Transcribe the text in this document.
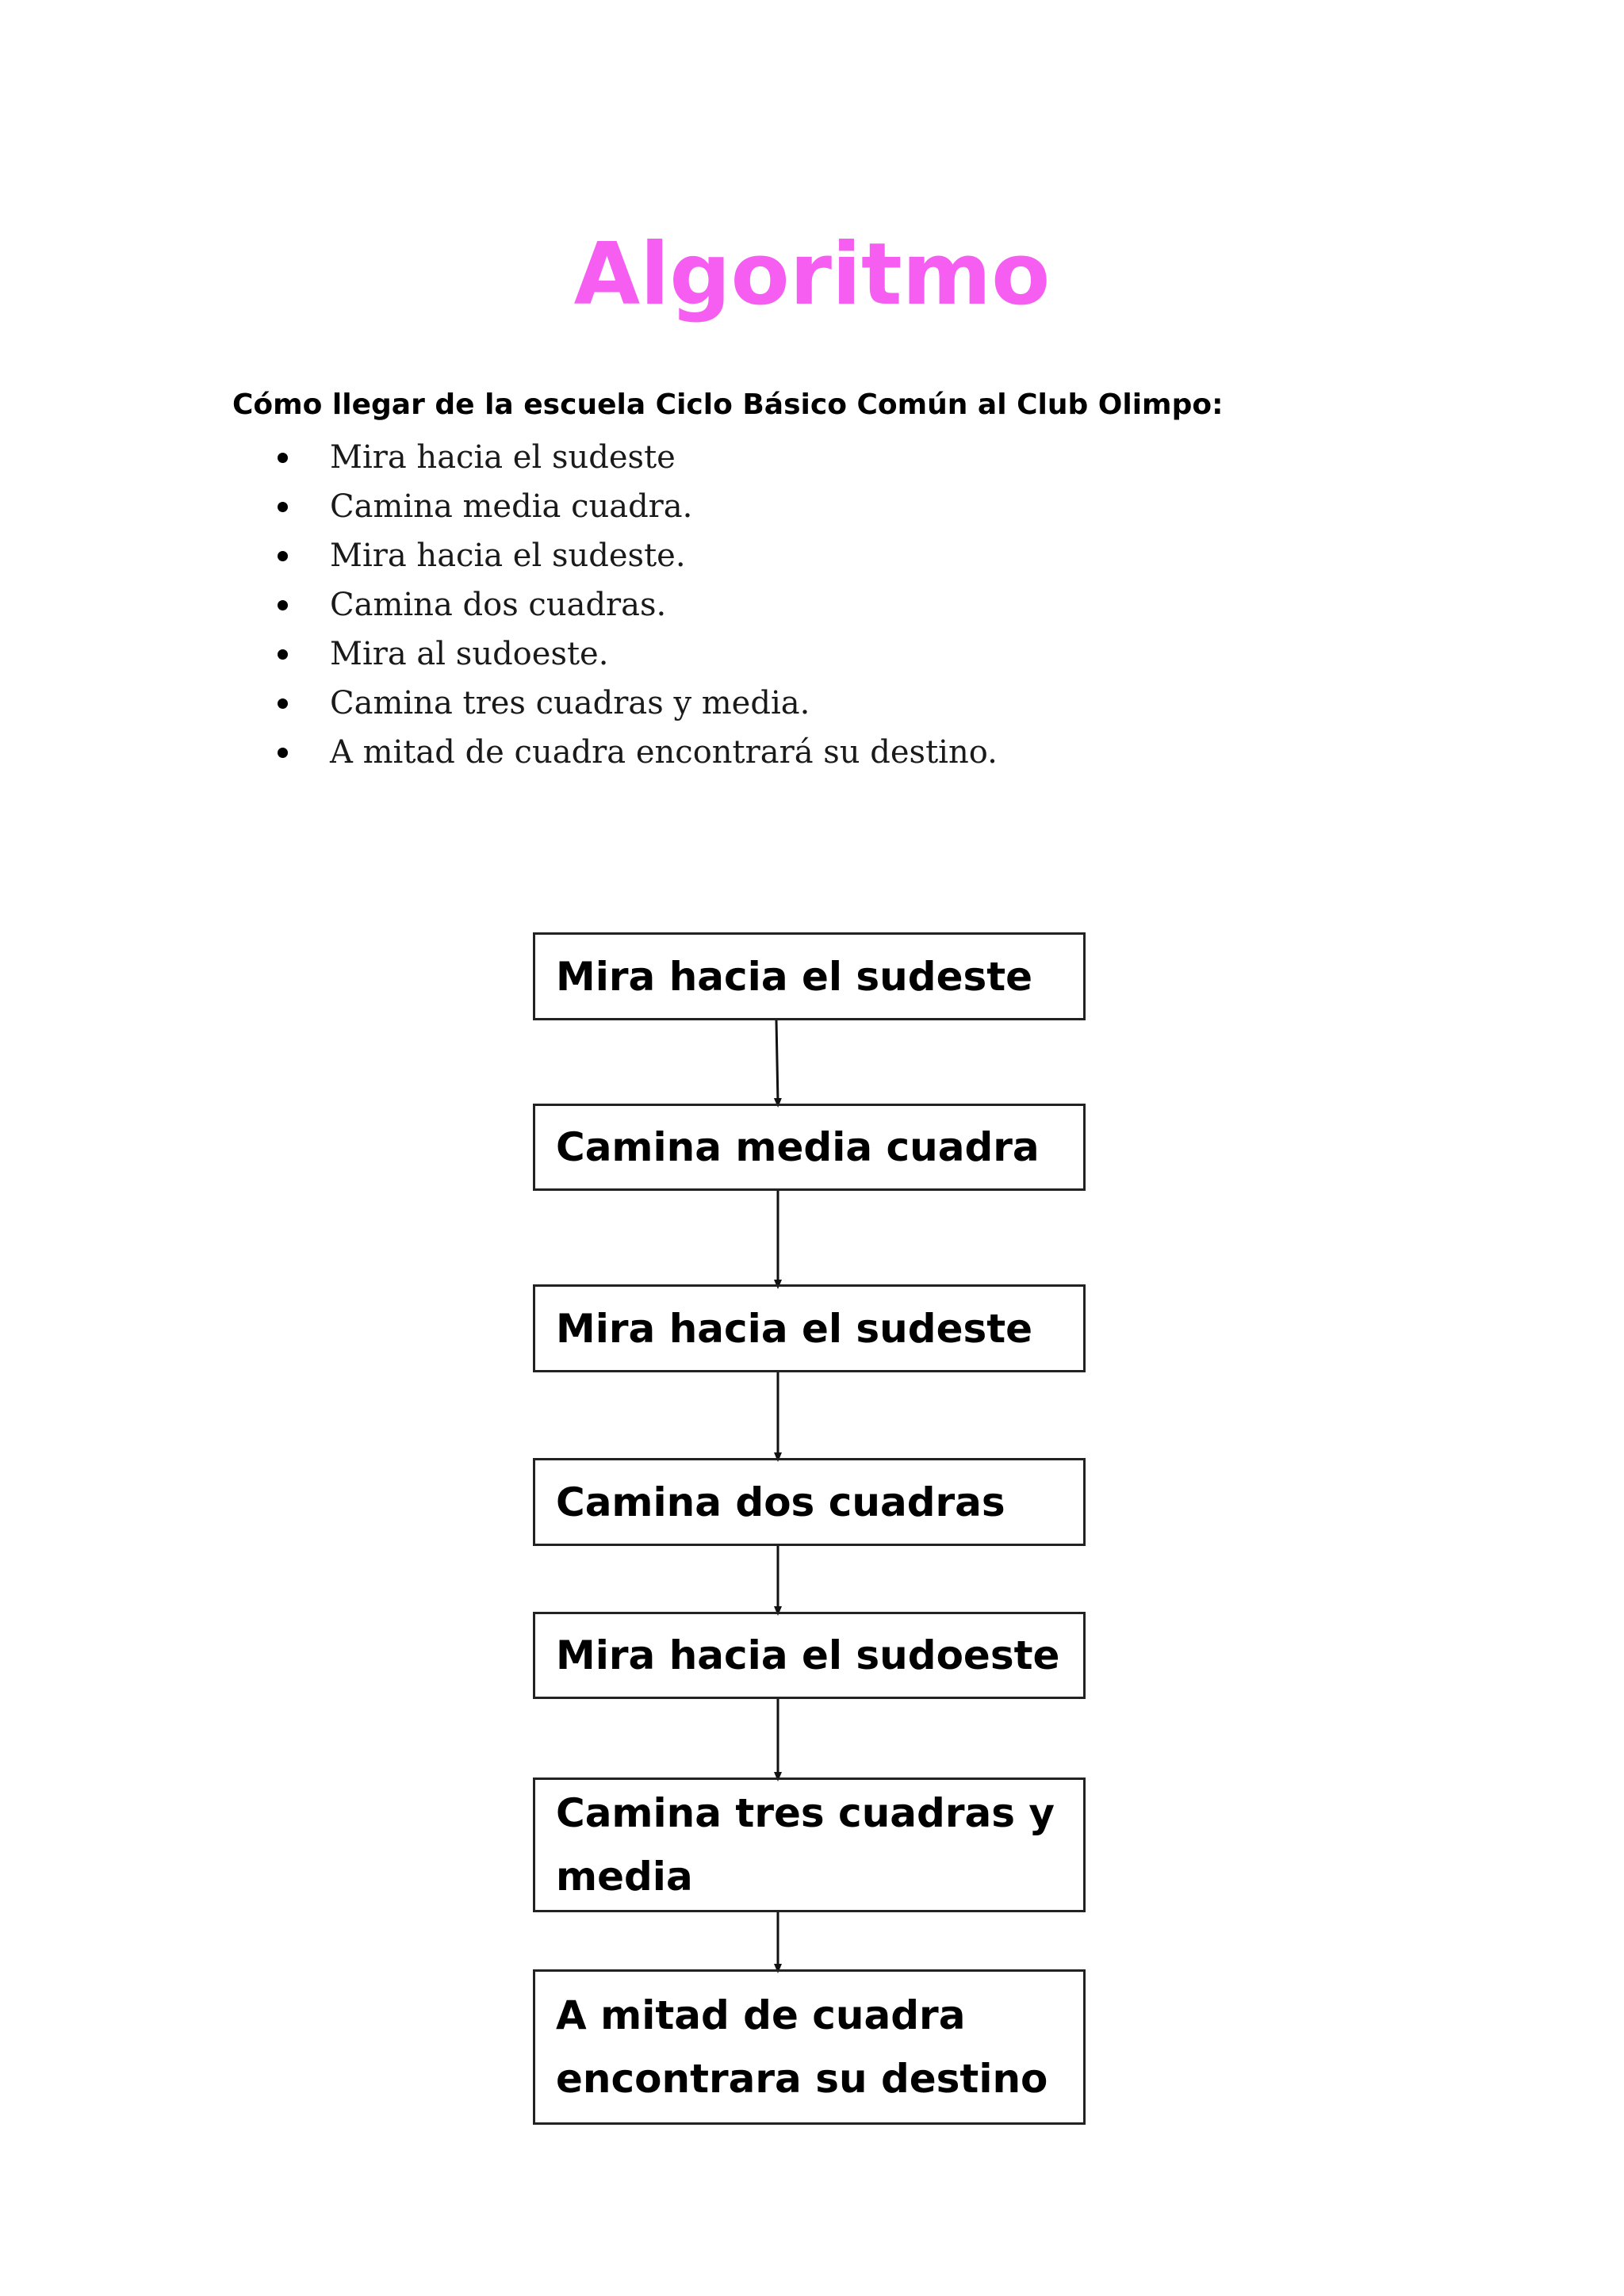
Algoritmo

Cómo llegar de la escuela Ciclo Básico Común al Club Olimpo:

Mira hacia el sudeste
Camina media cuadra.
Mira hacia el sudeste.
Camina dos cuadras.
Mira al sudoeste.
Camina tres cuadras y media.
A mitad de cuadra encontrará su destino.
Mira hacia el sudeste
Camina media cuadra
Mira hacia el sudeste
Camina dos cuadras
Mira hacia el sudoeste
Camina tres cuadras y media
A mitad de cuadra encontrara su destino
